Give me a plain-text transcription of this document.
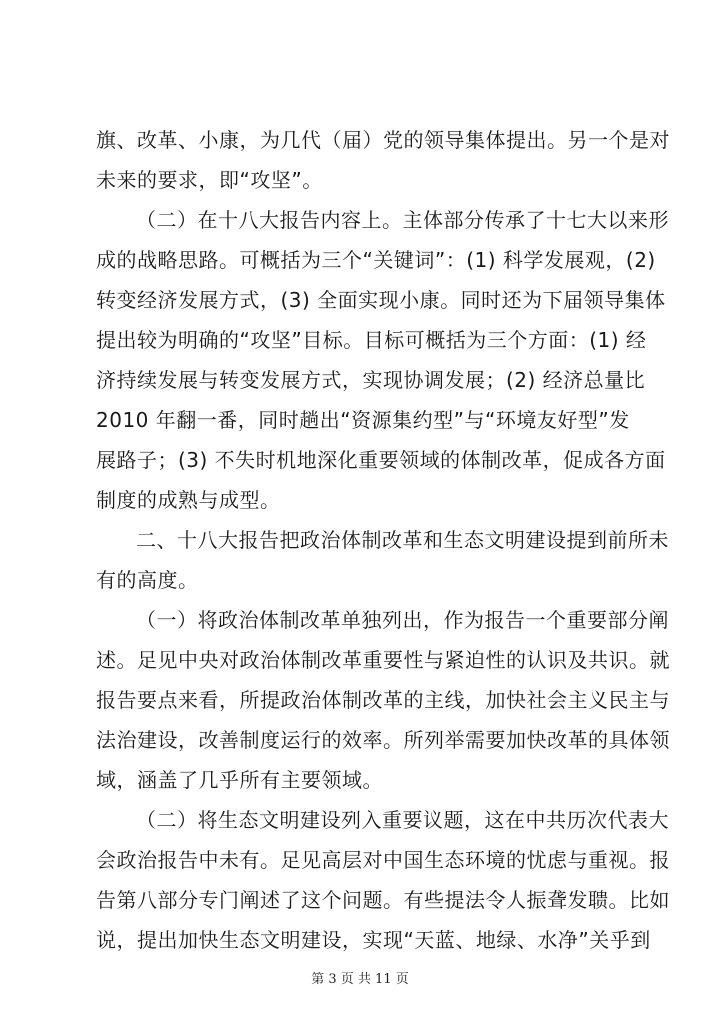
旗、改革、小康，为几代（届）党的领导集体提出。另一个是对
未来的要求，即“攻坚”。
（二）在十八大报告内容上。主体部分传承了十七大以来形
成的战略思路。可概括为三个“关键词”：(1) 科学发展观，(2)
转变经济发展方式，(3) 全面实现小康。同时还为下届领导集体
提出较为明确的“攻坚”目标。目标可概括为三个方面：(1) 经
济持续发展与转变发展方式，实现协调发展；(2) 经济总量比
2010 年翻一番，同时趟出“资源集约型”与“环境友好型”发
展路子；(3) 不失时机地深化重要领域的体制改革，促成各方面
制度的成熟与成型。
二、十八大报告把政治体制改革和生态文明建设提到前所未
有的高度。
（一）将政治体制改革单独列出，作为报告一个重要部分阐
述。足见中央对政治体制改革重要性与紧迫性的认识及共识。就
报告要点来看，所提政治体制改革的主线，加快社会主义民主与
法治建设，改善制度运行的效率。所列举需要加快改革的具体领
域，涵盖了几乎所有主要领域。
（二）将生态文明建设列入重要议题，这在中共历次代表大
会政治报告中未有。足见高层对中国生态环境的忧虑与重视。报
告第八部分专门阐述了这个问题。有些提法令人振聋发聩。比如
说，提出加快生态文明建设，实现“天蓝、地绿、水净”关乎到
第 3 页 共 11 页
